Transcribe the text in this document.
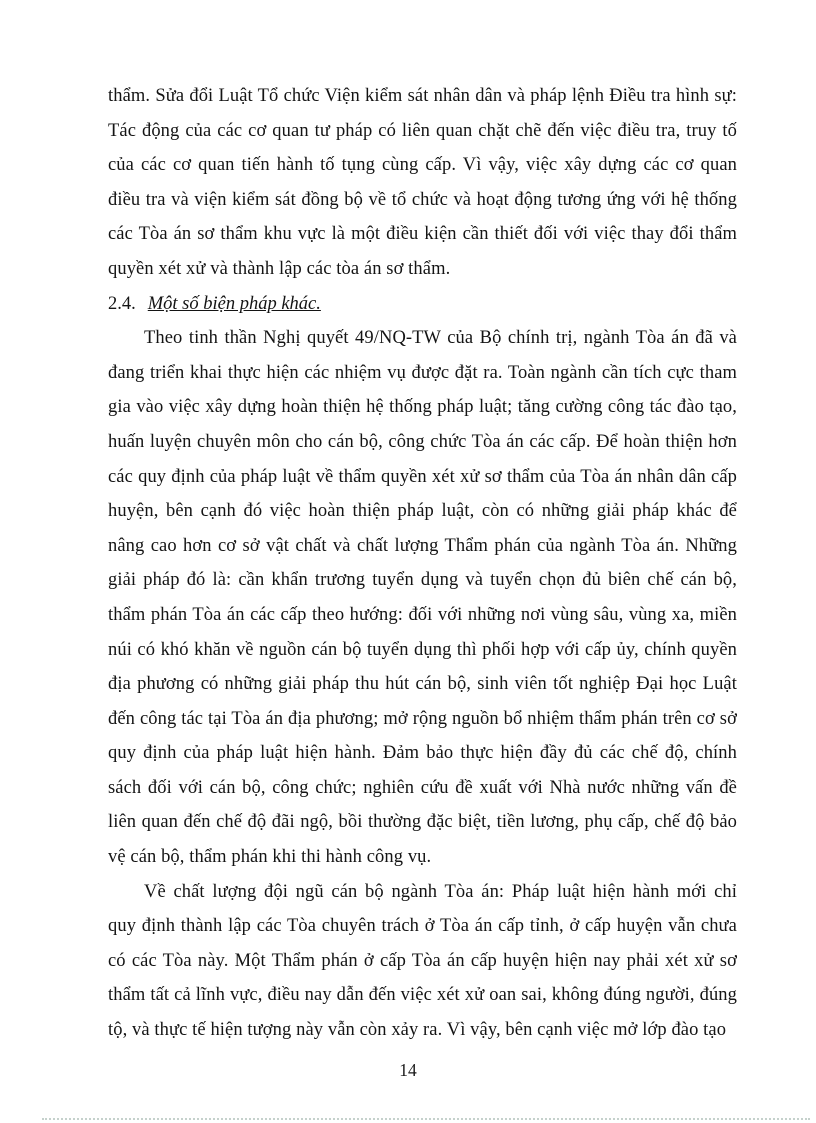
thẩm. Sửa đổi Luật Tổ chức Viện kiểm sát nhân dân và pháp lệnh Điều tra hình sự:
Tác động của các cơ quan tư pháp có liên quan chặt chẽ đến việc điều tra, truy tố
của các cơ quan tiến hành tố tụng cùng cấp. Vì vậy, việc xây dựng các cơ quan
điều tra và viện kiểm sát đồng bộ về tổ chức và hoạt động tương ứng với hệ thống
các Tòa án sơ thẩm khu vực là một điều kiện cần thiết đối với việc thay đổi thẩm
quyền xét xử và thành lập các tòa án sơ thẩm.
2.4. Một số biện pháp khác.
Theo tinh thần Nghị quyết 49/NQ-TW của Bộ chính trị, ngành Tòa án đã và
đang triển khai thực hiện các nhiệm vụ được đặt ra. Toàn ngành cần tích cực tham
gia vào việc xây dựng hoàn thiện hệ thống pháp luật; tăng cường công tác đào tạo,
huấn luyện chuyên môn cho cán bộ, công chức Tòa án các cấp. Để hoàn thiện hơn
các quy định của pháp luật về thẩm quyền xét xử sơ thẩm của Tòa án nhân dân cấp
huyện, bên cạnh đó việc hoàn thiện pháp luật, còn có những giải pháp khác để
nâng cao hơn cơ sở vật chất và chất lượng Thẩm phán của ngành Tòa án. Những
giải pháp đó là: cần khẩn trương tuyển dụng và tuyển chọn đủ biên chế cán bộ,
thẩm phán Tòa án các cấp theo hướng: đối với những nơi vùng sâu, vùng xa, miền
núi có khó khăn về nguồn cán bộ tuyển dụng thì phối hợp với cấp ủy, chính quyền
địa phương có những giải pháp thu hút cán bộ, sinh viên tốt nghiệp Đại học Luật
đến công tác tại Tòa án địa phương; mở rộng nguồn bổ nhiệm thẩm phán trên cơ sở
quy định của pháp luật hiện hành. Đảm bảo thực hiện đầy đủ các chế độ, chính
sách đối với cán bộ, công chức; nghiên cứu đề xuất với Nhà nước những vấn đề
liên quan đến chế độ đãi ngộ, bồi thường đặc biệt, tiền lương, phụ cấp, chế độ bảo
vệ cán bộ, thẩm phán khi thi hành công vụ.
Về chất lượng đội ngũ cán bộ ngành Tòa án: Pháp luật hiện hành mới chỉ
quy định thành lập các Tòa chuyên trách ở Tòa án cấp tỉnh, ở cấp huyện vẫn chưa
có các Tòa này. Một Thẩm phán ở cấp Tòa án cấp huyện hiện nay phải xét xử sơ
thẩm tất cả lĩnh vực, điều nay dẫn đến việc xét xử oan sai, không đúng người, đúng
tộ, và thực tế hiện tượng này vẫn còn xảy ra. Vì vậy, bên cạnh việc mở lớp đào tạo
14
